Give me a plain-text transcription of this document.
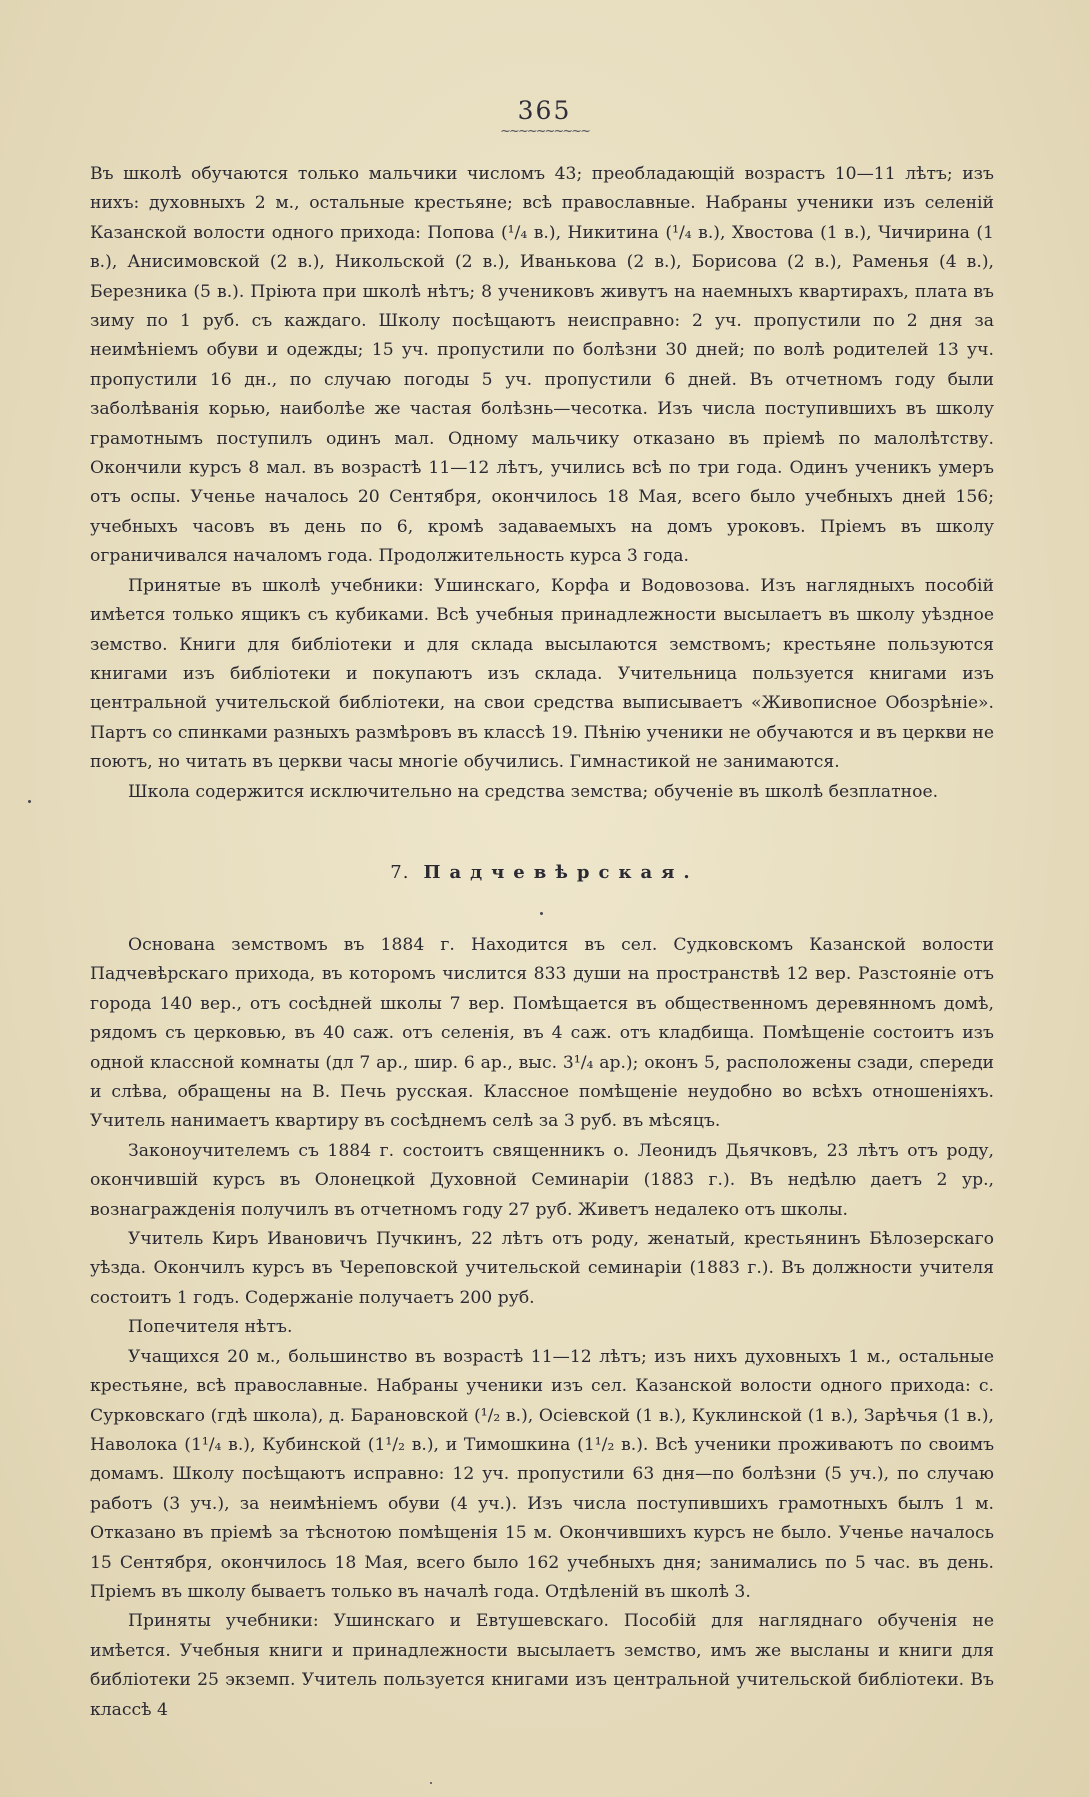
365
~~~~~~~~~~

Въ школѣ обучаются только мальчики числомъ 43; преобладающій возрастъ 10—11 лѣтъ; изъ нихъ: духовныхъ 2 м., остальные крестьяне; всѣ православные. Набраны ученики изъ селеній Казанской волости одного прихода: Попова (¹/₄ в.), Никитина (¹/₄ в.), Хвостова (1 в.), Чичирина (1 в.), Анисимовской (2 в.), Никольской (2 в.), Иванькова (2 в.), Борисова (2 в.), Раменья (4 в.), Березника (5 в.). Пріюта при школѣ нѣтъ; 8 учениковъ живутъ на наемныхъ квартирахъ, плата въ зиму по 1 руб. съ каждаго. Школу посѣщаютъ неисправно: 2 уч. пропустили по 2 дня за неимѣніемъ обуви и одежды; 15 уч. пропустили по болѣзни 30 дней; по волѣ родителей 13 уч. пропустили 16 дн., по случаю погоды 5 уч. пропустили 6 дней. Въ отчетномъ году были заболѣванія корью, наиболѣе же частая болѣзнь—чесотка. Изъ числа поступившихъ въ школу грамотнымъ поступилъ одинъ мал. Одному мальчику отказано въ пріемѣ по малолѣтству. Окончили курсъ 8 мал. въ возрастѣ 11—12 лѣтъ, учились всѣ по три года. Одинъ ученикъ умеръ отъ оспы. Ученье началось 20 Сентября, окончилось 18 Мая, всего было учебныхъ дней 156; учебныхъ часовъ въ день по 6, кромѣ задаваемыхъ на домъ уроковъ. Пріемъ въ школу ограничивался началомъ года. Продолжительность курса 3 года.

Принятые въ школѣ учебники: Ушинскаго, Корфа и Водовозова. Изъ наглядныхъ пособій имѣется только ящикъ съ кубиками. Всѣ учебныя принадлежности высылаетъ въ школу уѣздное земство. Книги для библіотеки и для склада высылаются земствомъ; крестьяне пользуются книгами изъ библіотеки и покупаютъ изъ склада. Учительница пользуется книгами изъ центральной учительской библіотеки, на свои средства выписываетъ «Живописное Обозрѣніе». Партъ со спинками разныхъ размѣровъ въ классѣ 19. Пѣнію ученики не обучаются и въ церкви не поютъ, но читать въ церкви часы многіе обучились. Гимнастикой не занимаются.

Школа содержится исключительно на средства земства; обученіе въ школѣ безплатное.

7. Падчевѣрская.

Основана земствомъ въ 1884 г. Находится въ сел. Судковскомъ Казанской волости Падчевѣрскаго прихода, въ которомъ числится 833 души на пространствѣ 12 вер. Разстояніе отъ города 140 вер., отъ сосѣдней школы 7 вер. Помѣщается въ общественномъ деревянномъ домѣ, рядомъ съ церковью, въ 40 саж. отъ селенія, въ 4 саж. отъ кладбища. Помѣщеніе состоитъ изъ одной классной комнаты (дл 7 ар., шир. 6 ар., выс. 3¹/₄ ар.); оконъ 5, расположены сзади, спереди и слѣва, обращены на В. Печь русская. Классное помѣщеніе неудобно во всѣхъ отношеніяхъ. Учитель нанимаетъ квартиру въ сосѣднемъ селѣ за 3 руб. въ мѣсяцъ.

Законоучителемъ съ 1884 г. состоитъ священникъ о. Леонидъ Дьячковъ, 23 лѣтъ отъ роду, окончившій курсъ въ Олонецкой Духовной Семинаріи (1883 г.). Въ недѣлю даетъ 2 ур., вознагражденія получилъ въ отчетномъ году 27 руб. Живетъ недалеко отъ школы.

Учитель Киръ Ивановичъ Пучкинъ, 22 лѣтъ отъ роду, женатый, крестьянинъ Бѣлозерскаго уѣзда. Окончилъ курсъ въ Череповской учительской семинаріи (1883 г.). Въ должности учителя состоитъ 1 годъ. Содержаніе получаетъ 200 руб.

Попечителя нѣтъ.

Учащихся 20 м., большинство въ возрастѣ 11—12 лѣтъ; изъ нихъ духовныхъ 1 м., остальные крестьяне, всѣ православные. Набраны ученики изъ сел. Казанской волости одного прихода: с. Сурковскаго (гдѣ школа), д. Барановской (¹/₂ в.), Осіевской (1 в.), Куклинской (1 в.), Зарѣчья (1 в.), Наволока (1¹/₄ в.), Кубинской (1¹/₂ в.), и Тимошкина (1¹/₂ в.). Всѣ ученики проживаютъ по своимъ домамъ. Школу посѣщаютъ исправно: 12 уч. пропустили 63 дня—по болѣзни (5 уч.), по случаю работъ (3 уч.), за неимѣніемъ обуви (4 уч.). Изъ числа поступившихъ грамотныхъ былъ 1 м. Отказано въ пріемѣ за тѣснотою помѣщенія 15 м. Окончившихъ курсъ не было. Ученье началось 15 Сентября, окончилось 18 Мая, всего было 162 учебныхъ дня; занимались по 5 час. въ день. Пріемъ въ школу бываетъ только въ началѣ года. Отдѣленій въ школѣ 3.

Приняты учебники: Ушинскаго и Евтушевскаго. Пособій для нагляднаго обученія не имѣется. Учебныя книги и принадлежности высылаетъ земство, имъ же высланы и книги для библіотеки 25 экземп. Учитель пользуется книгами изъ центральной учительской библіотеки. Въ классѣ 4
